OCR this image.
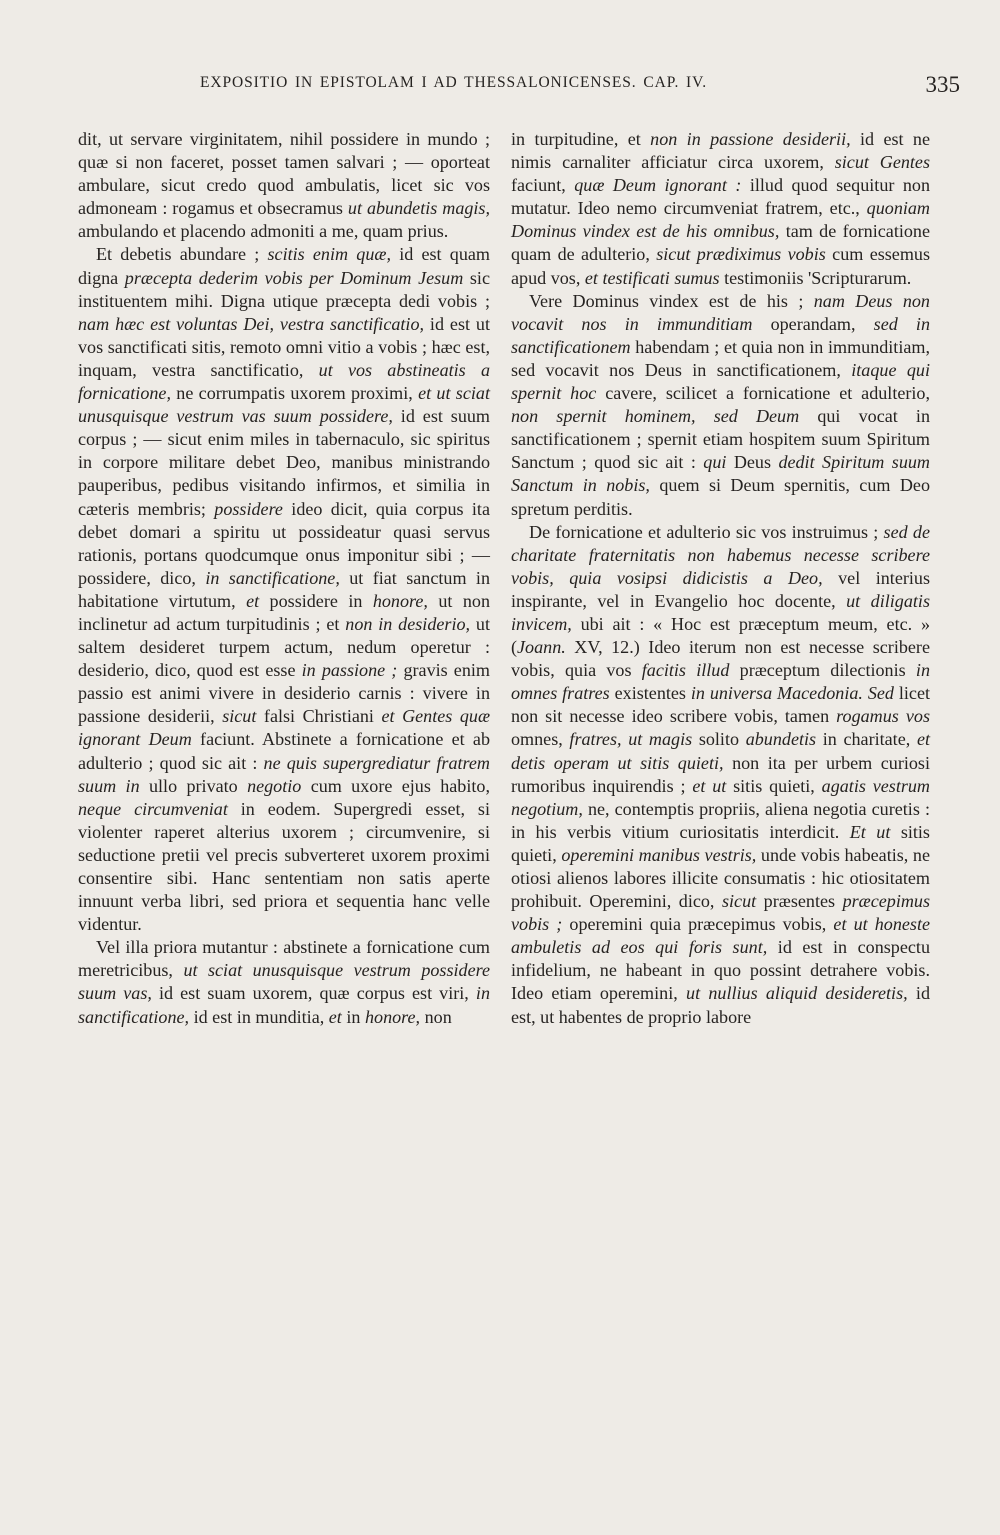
EXPOSITIO IN EPISTOLAM I AD THESSALONICENSES. CAP. IV.	335

dit, ut servare virginitatem, nihil possidere in mundo ; quæ si non faceret, posset tamen salvari ; — oporteat ambulare, sicut credo quod ambulatis, licet sic vos admoneam : rogamus et obsecramus ut abundetis magis, ambulando et placendo admoniti a me, quam prius.

Et debetis abundare ; scitis enim quæ, id est quam digna præcepta dederim vobis per Dominum Jesum sic instituentem mihi. Digna utique præcepta dedi vobis ; nam hæc est voluntas Dei, vestra sanctificatio, id est ut vos sanctificati sitis, remoto omni vitio a vobis ; hæc est, inquam, vestra sanctificatio, ut vos abstineatis a fornicatione, ne corrumpatis uxorem proximi, et ut sciat unusquisque vestrum vas suum possidere, id est suum corpus ; — sicut enim miles in tabernaculo, sic spiritus in corpore militare debet Deo, manibus ministrando pauperibus, pedibus visitando infirmos, et similia in cæteris membris; possidere ideo dicit, quia corpus ita debet domari a spiritu ut possideatur quasi servus rationis, portans quodcumque onus imponitur sibi ; — possidere, dico, in sanctificatione, ut fiat sanctum in habitatione virtutum, et possidere in honore, ut non inclinetur ad actum turpitudinis ; et non in desiderio, ut saltem desideret turpem actum, nedum operetur : desiderio, dico, quod est esse in passione ; gravis enim passio est animi vivere in desiderio carnis : vivere in passione desiderii, sicut falsi Christiani et Gentes quæ ignorant Deum faciunt. Abstinete a fornicatione et ab adulterio ; quod sic ait : ne quis supergrediatur fratrem suum in ullo privato negotio cum uxore ejus habito, neque circumveniat in eodem. Supergredi esset, si violenter raperet alterius uxorem ; circumvenire, si seductione pretii vel precis subverteret uxorem proximi consentire sibi. Hanc sententiam non satis aperte innuunt verba libri, sed priora et sequentia hanc velle videntur.

Vel illa priora mutantur : abstinete a fornicatione cum meretricibus, ut sciat unusquisque vestrum possidere suum vas, id est suam uxorem, quæ corpus est viri, in sanctificatione, id est in munditia, et in honore, non

in turpitudine, et non in passione desiderii, id est ne nimis carnaliter afficiatur circa uxorem, sicut Gentes faciunt, quæ Deum ignorant : illud quod sequitur non mutatur. Ideo nemo circumveniat fratrem, etc., quoniam Dominus vindex est de his omnibus, tam de fornicatione quam de adulterio, sicut prædiximus vobis cum essemus apud vos, et testificati sumus testimoniis 'Scripturarum.

Vere Dominus vindex est de his ; nam Deus non vocavit nos in immunditiam operandam, sed in sanctificationem habendam ; et quia non in immunditiam, sed vocavit nos Deus in sanctificationem, itaque qui spernit hoc cavere, scilicet a fornicatione et adulterio, non spernit hominem, sed Deum qui vocat in sanctificationem ; spernit etiam hospitem suum Spiritum Sanctum ; quod sic ait : qui Deus dedit Spiritum suum Sanctum in nobis, quem si Deum spernitis, cum Deo spretum perditis.

De fornicatione et adulterio sic vos instruimus ; sed de charitate fraternitatis non habemus necesse scribere vobis, quia vosipsi didicistis a Deo, vel interius inspirante, vel in Evangelio hoc docente, ut diligatis invicem, ubi ait : « Hoc est præceptum meum, etc. » (Joann. XV, 12.) Ideo iterum non est necesse scribere vobis, quia vos facitis illud præceptum dilectionis in omnes fratres existentes in universa Macedonia. Sed licet non sit necesse ideo scribere vobis, tamen rogamus vos omnes, fratres, ut magis solito abundetis in charitate, et detis operam ut sitis quieti, non ita per urbem curiosi rumoribus inquirendis ; et ut sitis quieti, agatis vestrum negotium, ne, contemptis propriis, aliena negotia curetis : in his verbis vitium curiositatis interdicit. Et ut sitis quieti, operemini manibus vestris, unde vobis habeatis, ne otiosi alienos labores illicite consumatis : hic otiositatem prohibuit. Operemini, dico, sicut præsentes præcepimus vobis ; operemini quia præcepimus vobis, et ut honeste ambuletis ad eos qui foris sunt, id est in conspectu infidelium, ne habeant in quo possint detrahere vobis. Ideo etiam operemini, ut nullius aliquid desideretis, id est, ut habentes de proprio labore
